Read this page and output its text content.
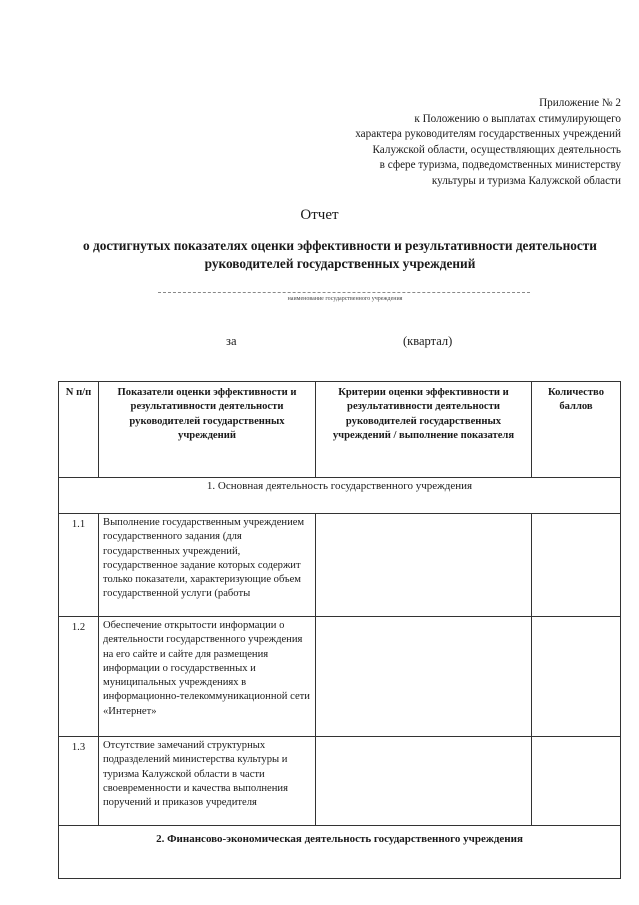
Приложение № 2
к Положению о выплатах стимулирующего
характера руководителям государственных учреждений
Калужской области, осуществляющих деятельность
в сфере туризма, подведомственных министерству
культуры и туризма Калужской области
Отчет
о достигнутых показателях оценки эффективности и результативности деятельности руководителей государственных учреждений
наименование государственного учреждения
за	(квартал)
N п/п	Показатели оценки эффективности и результативности деятельности руководителей государственных учреждений	Критерии оценки эффективности и результативности деятельности руководителей государственных учреждений / выполнение показателя	Количество баллов
1. Основная деятельность государственного учреждения			
1.1	Выполнение государственным учреждением государственного задания (для государственных учреждений, государственное задание которых содержит только показатели, характеризующие объем государственной услуги (работы		
1.2	Обеспечение открытости информации о деятельности государственного учреждения на его сайте и сайте для размещения информации о государственных и муниципальных учреждениях в информационно-телекоммуникационной сети «Интернет»		
1.3	Отсутствие замечаний структурных подразделений министерства культуры и туризма Калужской области в части своевременности и качества выполнения поручений и приказов учредителя		
2. Финансово-экономическая деятельность государственного учреждения			
